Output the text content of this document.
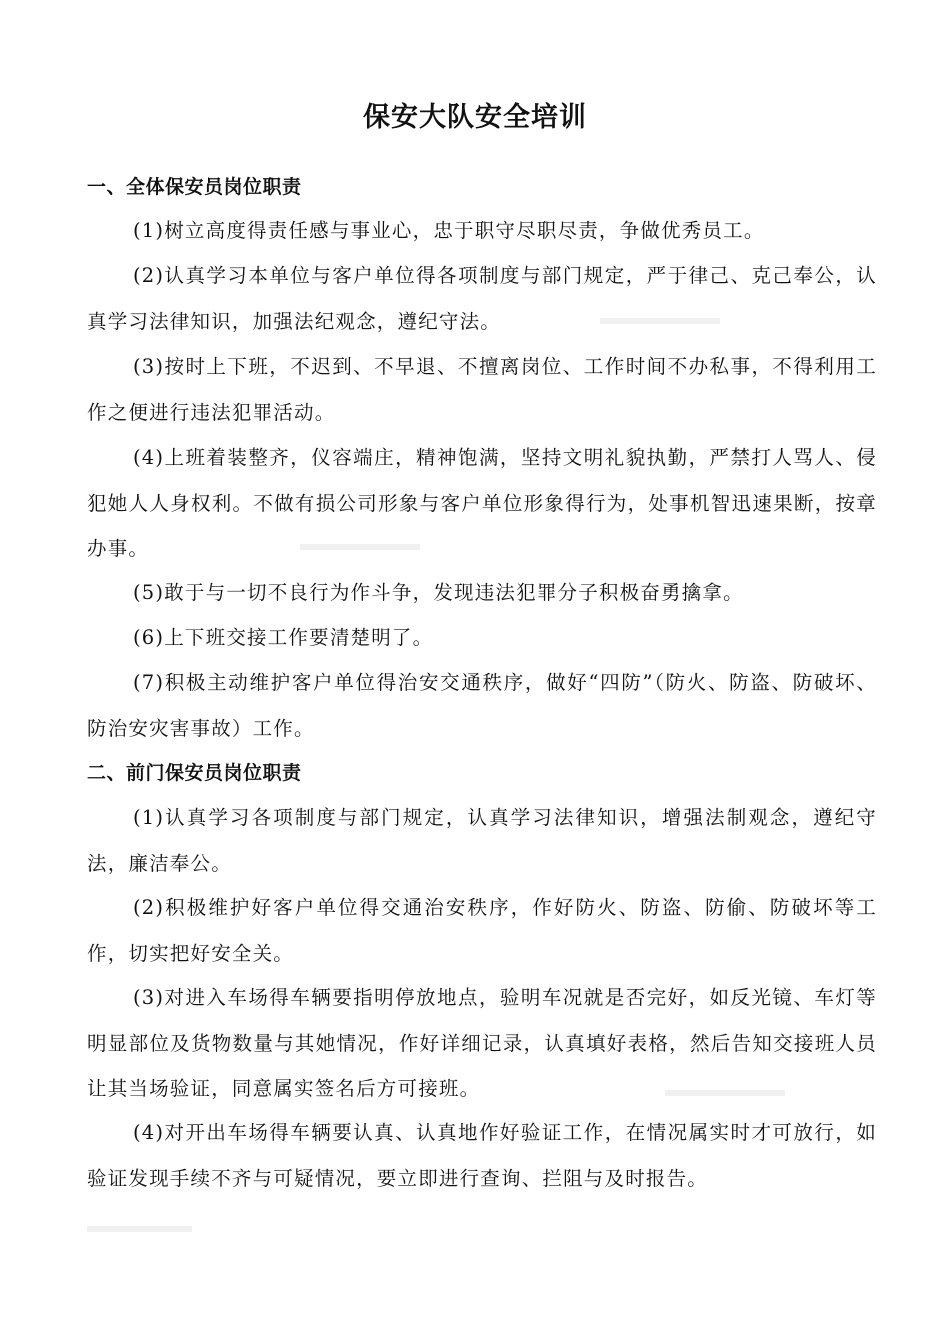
保安大队安全培训
一、全体保安员岗位职责
(1)树立高度得责任感与事业心，忠于职守尽职尽责，争做优秀员工。
(2)认真学习本单位与客户单位得各项制度与部门规定，严于律己、克己奉公，认真学习法律知识，加强法纪观念，遵纪守法。
(3)按时上下班，不迟到、不早退、不擅离岗位、工作时间不办私事，不得利用工作之便进行违法犯罪活动。
(4)上班着装整齐，仪容端庄，精神饱满，坚持文明礼貌执勤，严禁打人骂人、侵犯她人人身权利。不做有损公司形象与客户单位形象得行为，处事机智迅速果断，按章办事。
(5)敢于与一切不良行为作斗争，发现违法犯罪分子积极奋勇擒拿。
(6)上下班交接工作要清楚明了。
(7)积极主动维护客户单位得治安交通秩序，做好“四防”（防火、防盗、防破坏、防治安灾害事故）工作。
二、前门保安员岗位职责
(1)认真学习各项制度与部门规定，认真学习法律知识，增强法制观念，遵纪守法，廉洁奉公。
(2)积极维护好客户单位得交通治安秩序，作好防火、防盗、防偷、防破坏等工作，切实把好安全关。
(3)对进入车场得车辆要指明停放地点，验明车况就是否完好，如反光镜、车灯等明显部位及货物数量与其她情况，作好详细记录，认真填好表格，然后告知交接班人员让其当场验证，同意属实签名后方可接班。
(4)对开出车场得车辆要认真、认真地作好验证工作，在情况属实时才可放行，如验证发现手续不齐与可疑情况，要立即进行查询、拦阻与及时报告。
